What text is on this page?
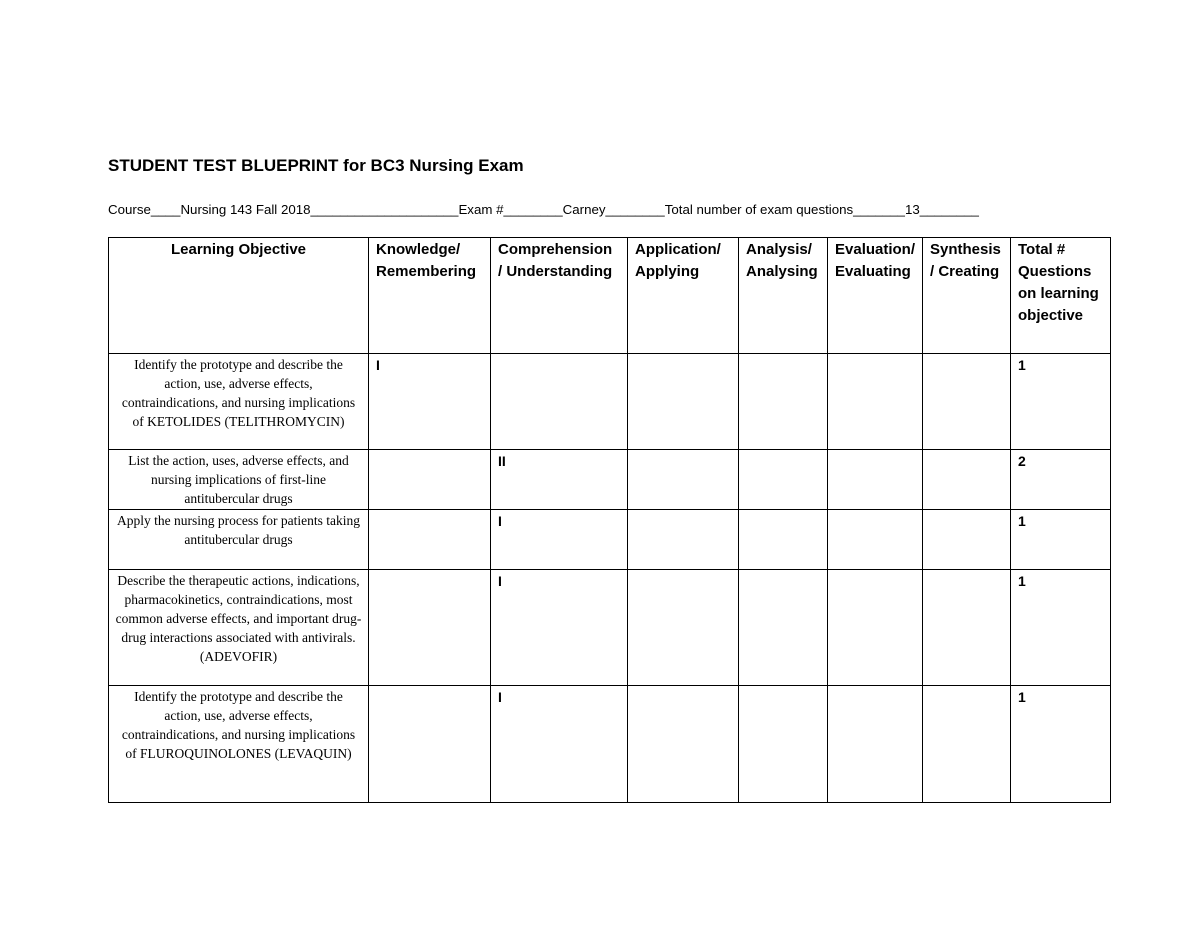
STUDENT TEST BLUEPRINT for BC3 Nursing Exam
Course____Nursing 143 Fall 2018____________________Exam #________Carney________Total number of exam questions_______13________
Learning Objective	Knowledge/ Remembering	Comprehension / Understanding	Application/ Applying	Analysis/ Analysing	Evaluation/ Evaluating	Synthesis / Creating	Total # Questions on learning objective
Identify the prototype and describe the action, use, adverse effects, contraindications, and nursing implications of KETOLIDES (TELITHROMYCIN)	I						1
List the action, uses, adverse effects, and nursing implications of first-line antitubercular drugs		II					2
Apply the nursing process for patients taking antitubercular drugs		I					1
Describe the therapeutic actions, indications, pharmacokinetics, contraindications, most common adverse effects, and important drug-drug interactions associated with antivirals. (ADEVOFIR)		I					1
Identify the prototype and describe the action, use, adverse effects, contraindications, and nursing implications of FLUROQUINOLONES (LEVAQUIN)		I					1
